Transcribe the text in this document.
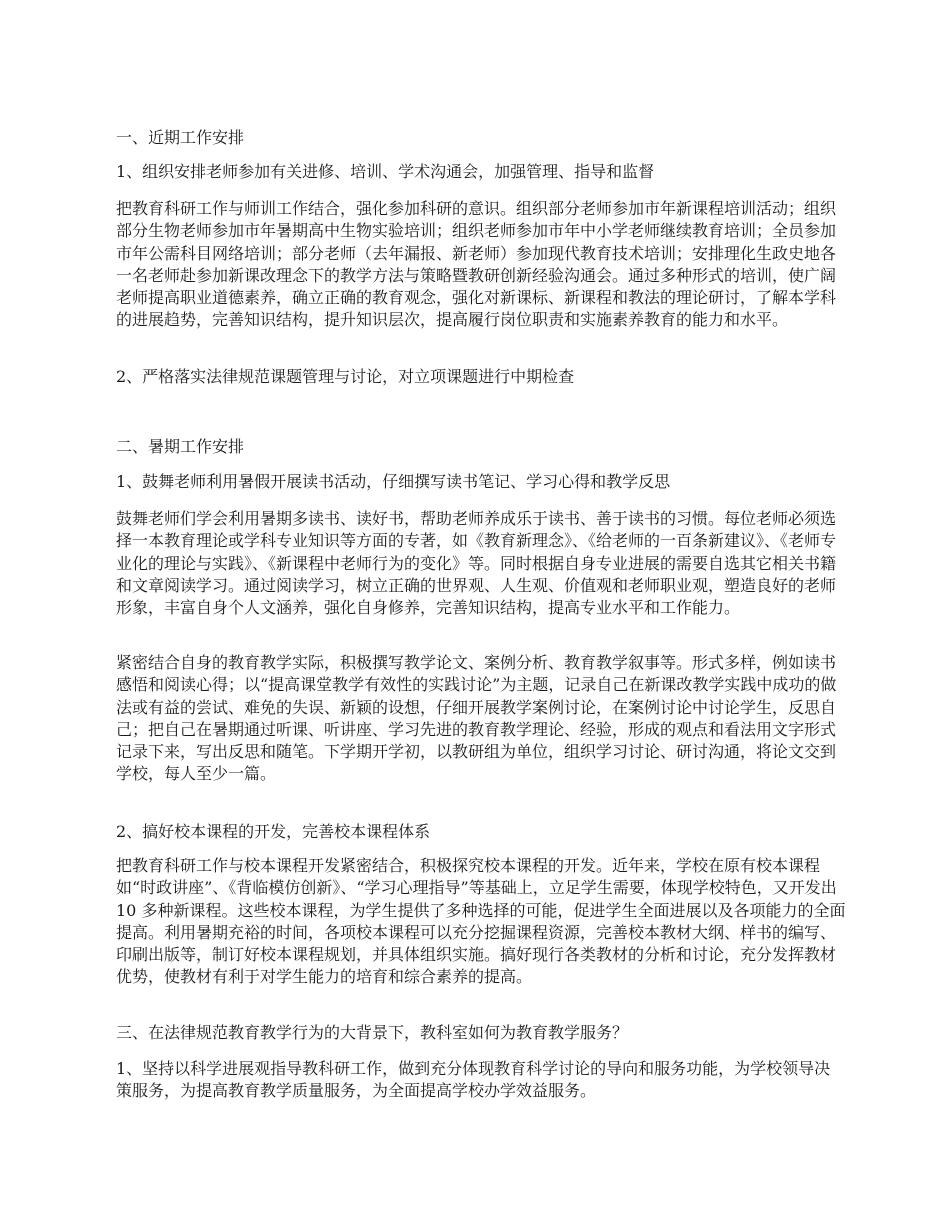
一、近期工作安排
1、组织安排老师参加有关进修、培训、学术沟通会，加强管理、指导和监督

把教育科研工作与师训工作结合，强化参加科研的意识。组织部分老师参加市年新课程培训活动；组织部分生物老师参加市年暑期高中生物实验培训；组织老师参加市年中小学老师继续教育培训；全员参加市年公需科目网络培训；部分老师（去年漏报、新老师）参加现代教育技术培训；安排理化生政史地各一名老师赴参加新课改理念下的教学方法与策略暨教研创新经验沟通会。通过多种形式的培训，使广阔老师提高职业道德素养，确立正确的教育观念，强化对新课标、新课程和教法的理论研讨，了解本学科的进展趋势，完善知识结构，提升知识层次，提高履行岗位职责和实施素养教育的能力和水平。

2、严格落实法律规范课题管理与讨论，对立项课题进行中期检查
二、暑期工作安排
1、鼓舞老师利用暑假开展读书活动，仔细撰写读书笔记、学习心得和教学反思

鼓舞老师们学会利用暑期多读书、读好书，帮助老师养成乐于读书、善于读书的习惯。每位老师必须选择一本教育理论或学科专业知识等方面的专著，如《教育新理念》、《给老师的一百条新建议》、《老师专业化的理论与实践》、《新课程中老师行为的变化》等。同时根据自身专业进展的需要自选其它相关书籍和文章阅读学习。通过阅读学习，树立正确的世界观、人生观、价值观和老师职业观，塑造良好的老师形象，丰富自身个人文涵养，强化自身修养，完善知识结构，提高专业水平和工作能力。

紧密结合自身的教育教学实际，积极撰写教学论文、案例分析、教育教学叙事等。形式多样，例如读书感悟和阅读心得；以“提高课堂教学有效性的实践讨论”为主题，记录自己在新课改教学实践中成功的做法或有益的尝试、难免的失误、新颖的设想，仔细开展教学案例讨论，在案例讨论中讨论学生，反思自己；把自己在暑期通过听课、听讲座、学习先进的教育教学理论、经验，形成的观点和看法用文字形式记录下来，写出反思和随笔。下学期开学初，以教研组为单位，组织学习讨论、研讨沟通，将论文交到学校，每人至少一篇。

2、搞好校本课程的开发，完善校本课程体系

把教育科研工作与校本课程开发紧密结合，积极探究校本课程的开发。近年来，学校在原有校本课程如“时政讲座”、《背临模仿创新》、“学习心理指导”等基础上，立足学生需要，体现学校特色，又开发出 10 多种新课程。这些校本课程，为学生提供了多种选择的可能，促进学生全面进展以及各项能力的全面提高。利用暑期充裕的时间，各项校本课程可以充分挖掘课程资源，完善校本教材大纲、样书的编写、印刷出版等，制订好校本课程规划，并具体组织实施。搞好现行各类教材的分析和讨论，充分发挥教材优势，使教材有利于对学生能力的培育和综合素养的提高。

三、在法律规范教育教学行为的大背景下，教科室如何为教育教学服务？

1、坚持以科学进展观指导教科研工作，做到充分体现教育科学讨论的导向和服务功能，为学校领导决策服务，为提高教育教学质量服务，为全面提高学校办学效益服务。
